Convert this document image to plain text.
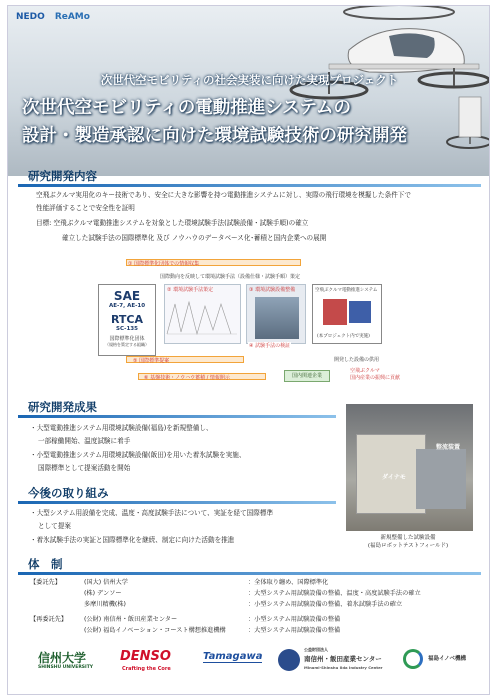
NEDO ReAMo
次世代空モビリティの社会実装に向けた実現プロジェクト
次世代空モビリティの電動推進システムの
設計・製造承認に向けた環境試験技術の研究開発
研究開発内容
空飛ぶクルマ実用化のキー技術であり、安全に大きな影響を持つ電動推進システムに対し、実際の飛行環境を模擬した条件下で
性能評価することで安全性を証明
目標: 空飛ぶクルマ電動推進システムを対象とした環境試験手法(試験設備・試験手順)の確立
確立した試験手法の国際標準化 及び ノウハウのデータベース化･蓄積と国内企業への展開
① 国際標準化団体での情報収集
国際動向を反映して環境試験手法（設備仕様・試験手順）策定
SAE
AE-7, AE-10
RTCA
SC-135
国際標準化団体
（規格を策定する組織）
② 環境試験手法策定	③ 環境試験設備整備	空飛ぶクルマ電動推進システム
(本プロジェクト内で実施)
④ 試験手法の検証
⑤ 国際標準提案	開発した設備の供用
⑥ 基盤技術・ノウハウ蓄積 / 情報開示	国内関連企業
空飛ぶクルマ
国内産業の振興に貢献
研究開発成果
・大型電動推進システム用環境試験設備(福島)を新規整備し、
一部稼働開始、温度試験に着手
・小型電動推進システム用環境試験設備(飯田)を用いた着氷試験を実施、
国際標準として提案活動を開始
今後の取り組み
・大型システム用設備を完成、温度・高度試験手法について、実証を経て国際標準
として提案
・着氷試験手法の実証と国際標準化を継続、制定に向けた活動を推進
整流装置
ダイナモ
新規整備した試験設備
(福島ロボットテストフィールド)
体　制
【委託先】	(国大) 信州大学	：全体取り纏め、国際標準化
(株) デンソー	：大型システム用試験設備の整備、温度・高度試験手法の確立
多摩川精機(株)	：小型システム用試験設備の整備、着氷試験手法の確立
【再委託先】	(公財) 南信州・飯田産業センター	：小型システム用試験設備の整備
(公財) 福島イノベーション・コースト構想推進機構	：大型システム用試験設備の整備
信州大学
SHINSHU UNIVERSITY
DENSO
Crafting the Core
Tamagawa
公益財団法人
南信州・飯田産業センター
Minami-Shinshu Iida Industry Center
福島イノベ機構
